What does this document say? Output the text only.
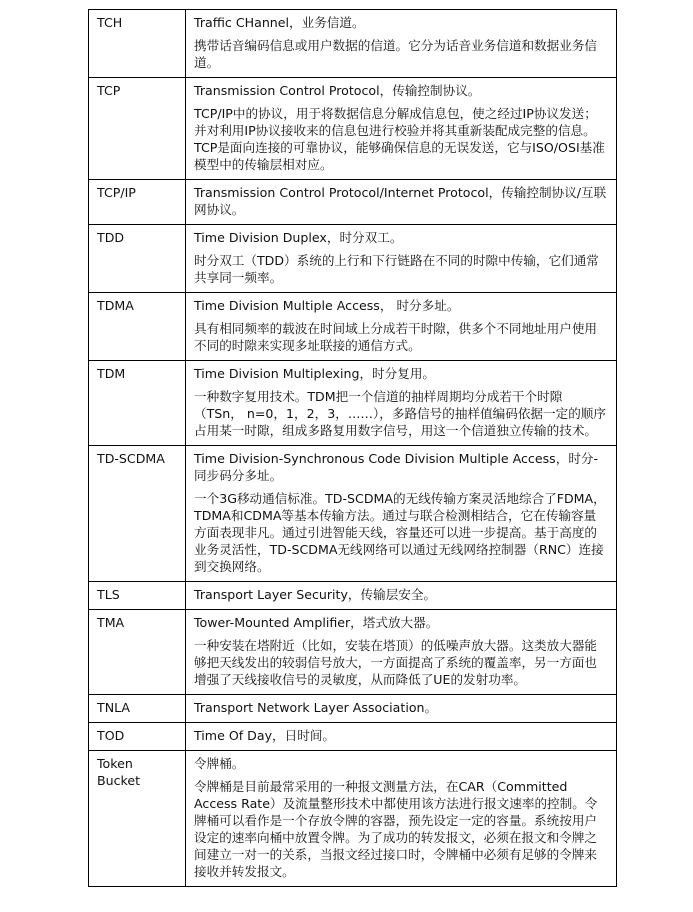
TCH	Traffic CHannel，业务信道。
携带话音编码信息或用户数据的信道。它分为话音业务信道和数据业务信道。

TCP	Transmission Control Protocol，传输控制协议。
TCP/IP中的协议，用于将数据信息分解成信息包，使之经过IP协议发送；并对利用IP协议接收来的信息包进行校验并将其重新装配成完整的信息。TCP是面向连接的可靠协议，能够确保信息的无误发送，它与ISO/OSI基准模型中的传输层相对应。

TCP/IP	Transmission Control Protocol/Internet Protocol，传输控制协议/互联网协议。

TDD	Time Division Duplex，时分双工。
时分双工（TDD）系统的上行和下行链路在不同的时隙中传输，它们通常共享同一频率。

TDMA	Time Division Multiple Access， 时分多址。
具有相同频率的载波在时间域上分成若干时隙，供多个不同地址用户使用不同的时隙来实现多址联接的通信方式。

TDM	Time Division Multiplexing，时分复用。
一种数字复用技术。TDM把一个信道的抽样周期均分成若干个时隙（TSn， n=0，1，2，3，……），多路信号的抽样值编码依据一定的顺序占用某一时隙，组成多路复用数字信号，用这一个信道独立传输的技术。

TD-SCDMA	Time Division-Synchronous Code Division Multiple Access，时分-同步码分多址。
一个3G移动通信标准。TD-SCDMA的无线传输方案灵活地综合了FDMA，TDMA和CDMA等基本传输方法。通过与联合检测相结合，它在传输容量方面表现非凡。通过引进智能天线，容量还可以进一步提高。基于高度的业务灵活性，TD-SCDMA无线网络可以通过无线网络控制器（RNC）连接到交换网络。

TLS	Transport Layer Security，传输层安全。

TMA	Tower-Mounted Amplifier，塔式放大器。
一种安装在塔附近（比如，安装在塔顶）的低噪声放大器。这类放大器能够把天线发出的较弱信号放大，一方面提高了系统的覆盖率，另一方面也增强了天线接收信号的灵敏度，从而降低了UE的发射功率。

TNLA	Transport Network Layer Association。

TOD	Time Of Day，日时间。

Token Bucket	令牌桶。
令牌桶是目前最常采用的一种报文测量方法，在CAR（Committed Access Rate）及流量整形技术中都使用该方法进行报文速率的控制。令牌桶可以看作是一个存放令牌的容器，预先设定一定的容量。系统按用户设定的速率向桶中放置令牌。为了成功的转发报文，必须在报文和令牌之间建立一对一的关系，当报文经过接口时，令牌桶中必须有足够的令牌来接收并转发报文。
